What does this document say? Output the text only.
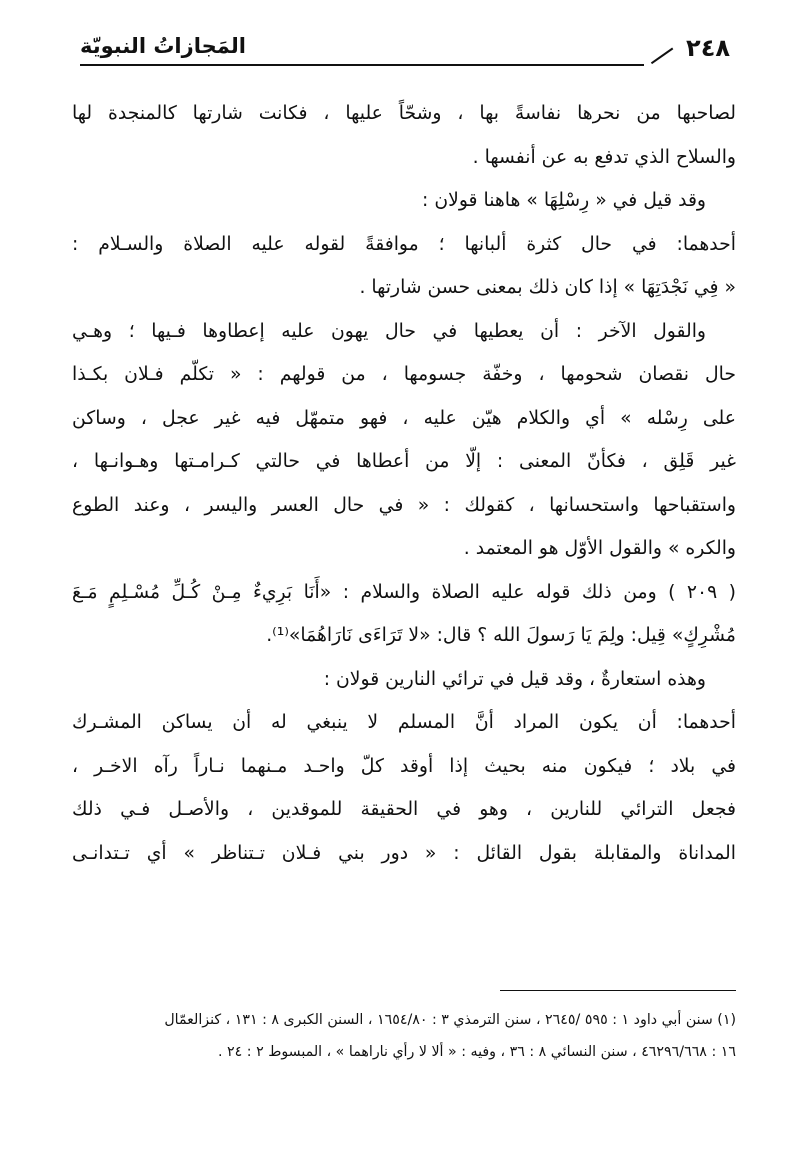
المَجازاتُ النبويّة	٢٤٨
لصاحبها من نحرها نفاسةً بها ، وشحّاً عليها ، فكانت شارتها كالمنجدة لها
والسلاح الذي تدفع به عن أنفسها .
وقد قيل في « رِسْلِهَا » هاهنا قولان :
أحدهما: في حال كثرة ألبانها ؛ موافقةً لقوله عليه الصلاة والسـلام :
« فِي نَجْدَتِهَا » إذا كان ذلك بمعنى حسن شارتها .
والقول الآخر : أن يعطيها في حال يهون عليه إعطاوها فـيها ؛ وهـي
حال نقصان شحومها ، وخفّة جسومها ، من قولهم : « تكلّم فـلان بكـذا
على رِسْله » أي والكلام هيّن عليه ، فهو متمهّل فيه غير عجل ، وساكن
غير قَلِق ، فكأنّ المعنى : إلّا من أعطاها في حالتي كـرامـتها وهـوانـها ،
واستقباحها واستحسانها ، كقولك : « في حال العسر واليسر ، وعند الطوع
والكره » والقول الأوّل هو المعتمد .
( ٢٠٩ ) ومن ذلك قوله عليه الصلاة والسلام : «أَنَا بَرِيءٌ مِـنْ كُـلِّ مُسْـلِمٍ مَـعَ
مُشْرِكٍ» قِيل: ولِمَ يَا رَسولَ الله ؟ قال: «لا تَرَاءَى نَارَاهُمَا»⁽¹⁾.
وهذه استعارةٌ ، وقد قيل في ترائي النارين قولان :
أحدهما: أن يكون المراد أنَّ المسلم لا ينبغي له أن يساكن المشـرك
في بلاد ؛ فيكون منه بحيث إذا أوقد كلّ واحـد مـنهما نـاراً رآه الاخـر ،
فجعل الترائي للنارين ، وهو في الحقيقة للموقدين ، والأصـل فـي ذلك
المداناة والمقابلة بقول القائل : « دور بني فـلان تـتناظر » أي تـتدانـى
(١) سنن أبي داود ١ : ٥٩٥ /٢٦٤٥ ، سنن الترمذي ٣ : ١٦٥٤/٨٠ ، السنن الكبرى ٨ : ١٣١ ، كنزالعمّال
١٦ : ٤٦٢٩٦/٦٦٨ ، سنن النسائي ٨ : ٣٦ ، وفيه : « ألا لا رأي ناراهما » ، المبسوط ٢ : ٢٤ .
